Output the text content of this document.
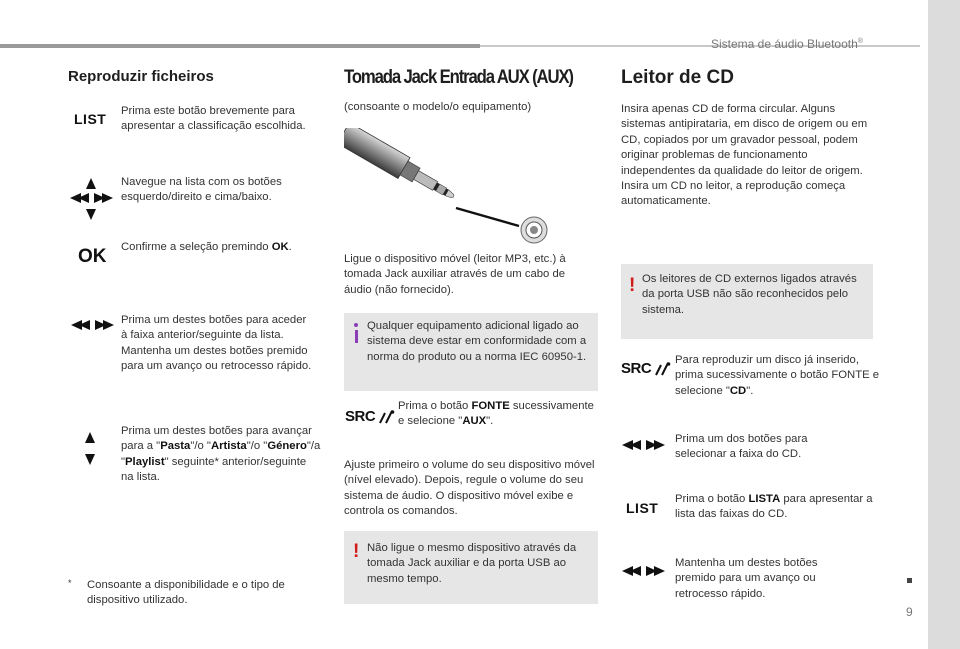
Sistema de áudio Bluetooth®
9
Reproduzir ficheiros
LIST Prima este botão brevemente para apresentar a classificação escolhida.
Navegue na lista com os botões esquerdo/direito e cima/baixo.
OK Confirme a seleção premindo OK.
Prima um destes botões para aceder à faixa anterior/seguinte da lista.
Mantenha um destes botões premido para um avanço ou retrocesso rápido.
Prima um destes botões para avançar para a "Pasta"/o "Artista"/o "Género"/a "Playlist" seguinte* anterior/seguinte na lista.
* Consoante a disponibilidade e o tipo de dispositivo utilizado.
Tomada Jack Entrada AUX (AUX)
(consoante o modelo/o equipamento)
Ligue o dispositivo móvel (leitor MP3, etc.) à tomada Jack auxiliar através de um cabo de áudio (não fornecido).
Qualquer equipamento adicional ligado ao sistema deve estar em conformidade com a norma do produto ou a norma IEC 60950-1.
SRC
Prima o botão FONTE sucessivamente e selecione "AUX".
Ajuste primeiro o volume do seu dispositivo móvel (nível elevado). Depois, regule o volume do seu sistema de áudio. O dispositivo móvel exibe e controla os comandos.
! Não ligue o mesmo dispositivo através da tomada Jack auxiliar e da porta USB ao mesmo tempo.
Leitor de CD
Insira apenas CD de forma circular. Alguns sistemas antipirataria, em disco de origem ou em CD, copiados por um gravador pessoal, podem originar problemas de funcionamento independentes da qualidade do leitor de origem. Insira um CD no leitor, a reprodução começa automaticamente.
! Os leitores de CD externos ligados através da porta USB não são reconhecidos pelo sistema.
SRC Para reproduzir um disco já inserido, prima sucessivamente o botão FONTE e selecione "CD".
Prima um dos botões para selecionar a faixa do CD.
LIST
Prima o botão LISTA para apresentar a lista das faixas do CD.
Mantenha um destes botões premido para um avanço ou retrocesso rápido.
